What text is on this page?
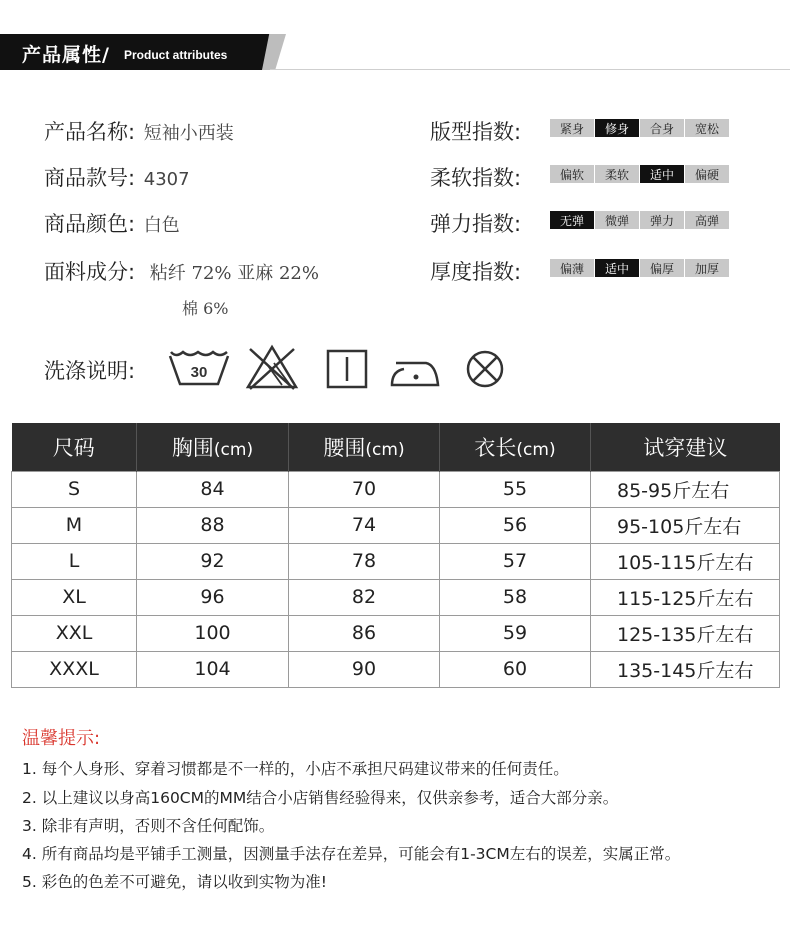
产品属性/ Product attributes
产品名称: 短袖小西装
商品款号: 4307
商品颜色: 白色
面料成分: 粘纤 72% 亚麻 22%
棉 6%
版型指数:	紧身	修身	合身	宽松
柔软指数:	偏软	柔软	适中	偏硬
弹力指数:	无弹	微弹	弹力	高弹
厚度指数:	偏薄	适中	偏厚	加厚
洗涤说明:	30
尺码	胸围(cm)	腰围(cm)	衣长(cm)	试穿建议
S	84	70	55	85-95斤左右
M	88	74	56	95-105斤左右
L	92	78	57	105-115斤左右
XL	96	82	58	115-125斤左右
XXL	100	86	59	125-135斤左右
XXXL	104	90	60	135-145斤左右
温馨提示:
1. 每个人身形、穿着习惯都是不一样的，小店不承担尺码建议带来的任何责任。
2. 以上建议以身高160CM的MM结合小店销售经验得来，仅供亲参考，适合大部分亲。
3. 除非有声明，否则不含任何配饰。
4. 所有商品均是平铺手工测量，因测量手法存在差异，可能会有1-3CM左右的误差，实属正常。
5. 彩色的色差不可避免，请以收到实物为准!
